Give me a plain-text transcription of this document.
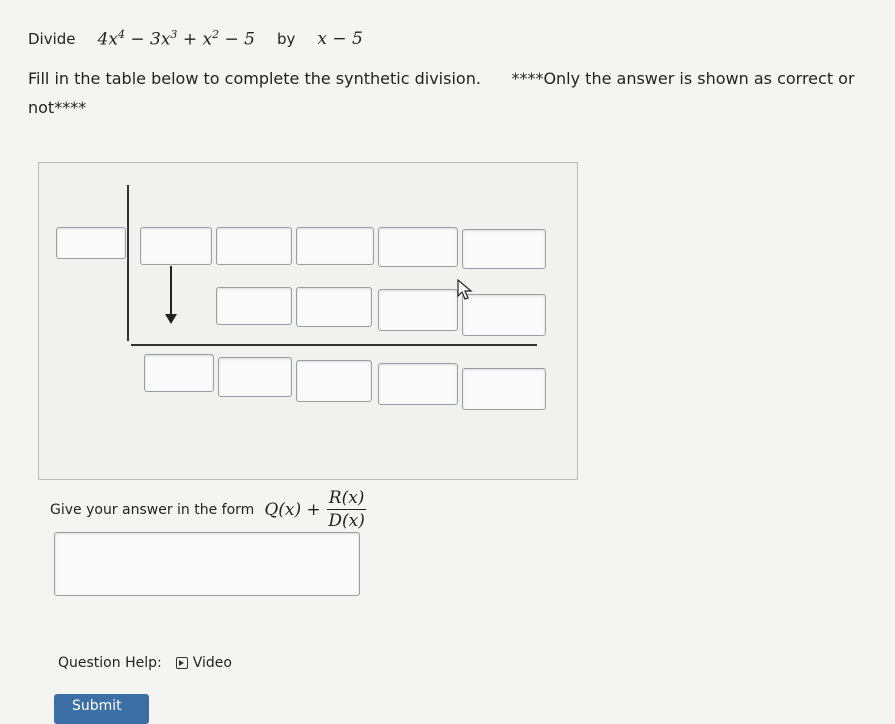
Divide $4x^4 - 3x^3 + x^2 - 5$ by x − 5
Fill in the table below to complete the synthetic division. ****Only the answer is shown as correct or not****
Give your answer in the form Q(x)
+ $\frac{R(x)}{D(x)}$
Question Help: Video
Submit
